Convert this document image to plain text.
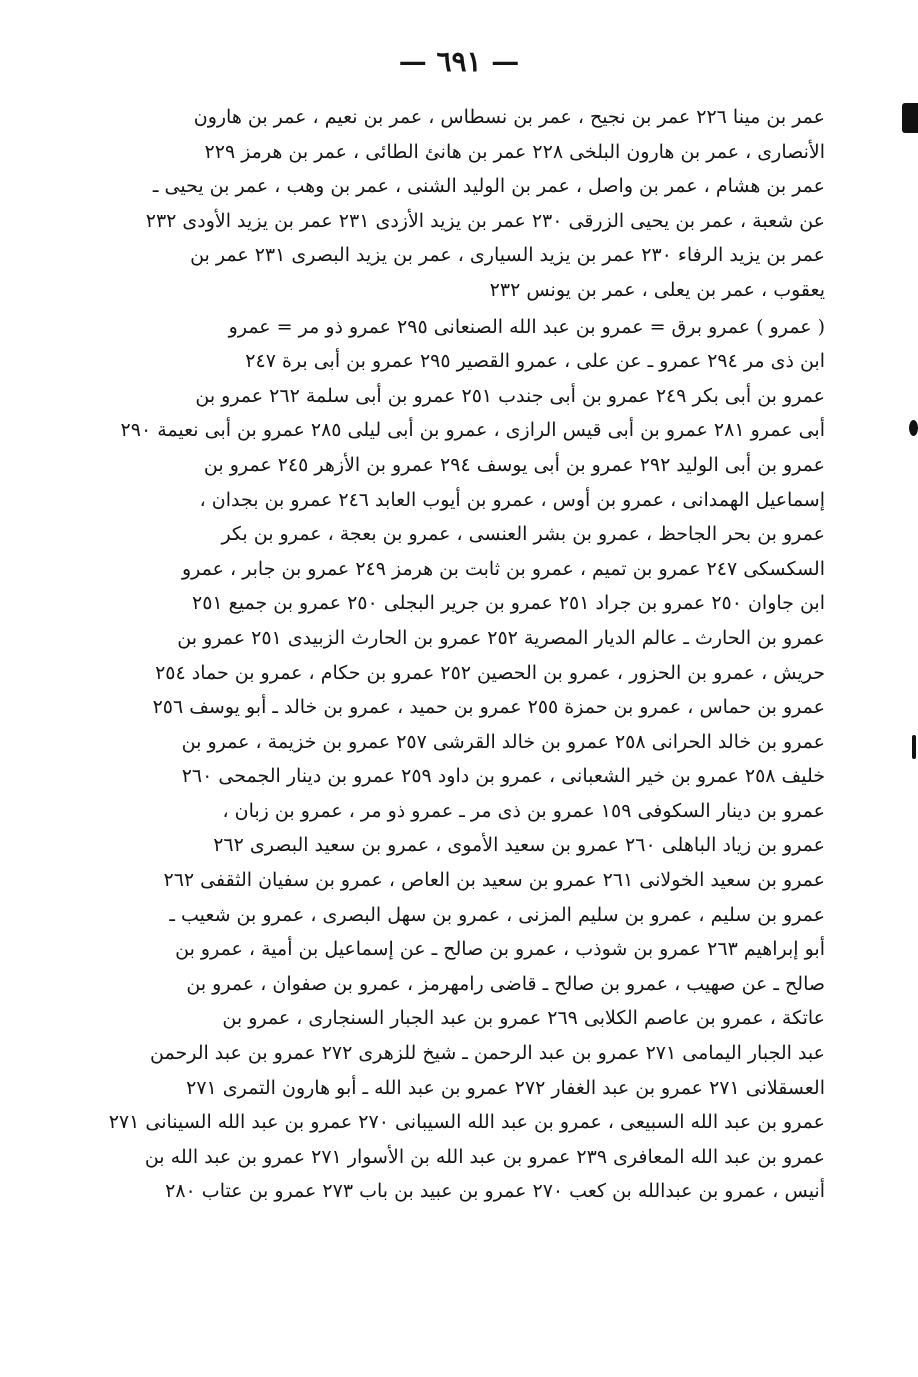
— ٦٩١ —
عمر بن مينا ٢٢٦ عمر بن نجيح ، عمر بن نسطاس ، عمر بن نعيم ، عمر بن هارون
الأنصارى ، عمر بن هارون البلخى ٢٢٨ عمر بن هانئ الطائى ، عمر بن هرمز ٢٢٩
عمر بن هشام ، عمر بن واصل ، عمر بن الوليد الشنى ، عمر بن وهب ، عمر بن يحيى ـ
عن شعبة ، عمر بن يحيى الزرقى ٢٣٠ عمر بن يزيد الأزدى ٢٣١ عمر بن يزيد الأودى ٢٣٢
عمر بن يزيد الرفاء ٢٣٠ عمر بن يزيد السيارى ، عمر بن يزيد البصرى ٢٣١ عمر بن
يعقوب ، عمر بن يعلى ، عمر بن يونس ٢٣٢
( عمرو ) عمرو برق = عمرو بن عبد الله الصنعانى ٢٩٥ عمرو ذو مر = عمرو
ابن ذى مر ٢٩٤ عمرو ـ عن على ، عمرو القصير ٢٩٥ عمرو بن أبى برة ٢٤٧
عمرو بن أبى بكر ٢٤٩ عمرو بن أبى جندب ٢٥١ عمرو بن أبى سلمة ٢٦٢ عمرو بن
أبى عمرو ٢٨١ عمرو بن أبى قيس الرازى ، عمرو بن أبى ليلى ٢٨٥ عمرو بن أبى نعيمة ٢٩٠
عمرو بن أبى الوليد ٢٩٢ عمرو بن أبى يوسف ٢٩٤ عمرو بن الأزهر ٢٤٥ عمرو بن
إسماعيل الهمدانى ، عمرو بن أوس ، عمرو بن أيوب العابد ٢٤٦ عمرو بن بجدان ،
عمرو بن بحر الجاحظ ، عمرو بن بشر العنسى ، عمرو بن بعجة ، عمرو بن بكر
السكسكى ٢٤٧ عمرو بن تميم ، عمرو بن ثابت بن هرمز ٢٤٩ عمرو بن جابر ، عمرو
ابن جاوان ٢٥٠ عمرو بن جراد ٢٥١ عمرو بن جرير البجلى ٢٥٠ عمرو بن جميع ٢٥١
عمرو بن الحارث ـ عالم الديار المصرية ٢٥٢ عمرو بن الحارث الزبيدى ٢٥١ عمرو بن
حريش ، عمرو بن الحزور ، عمرو بن الحصين ٢٥٢ عمرو بن حكام ، عمرو بن حماد ٢٥٤
عمرو بن حماس ، عمرو بن حمزة ٢٥٥ عمرو بن حميد ، عمرو بن خالد ـ أبو يوسف ٢٥٦
عمرو بن خالد الحرانى ٢٥٨ عمرو بن خالد القرشى ٢٥٧ عمرو بن خزيمة ، عمرو بن
خليف ٢٥٨ عمرو بن خير الشعبانى ، عمرو بن داود ٢٥٩ عمرو بن دينار الجمحى ٢٦٠
عمرو بن دينار السكوفى ١٥٩ عمرو بن ذى مر ـ عمرو ذو مر ، عمرو بن زبان ،
عمرو بن زياد الباهلى ٢٦٠ عمرو بن سعيد الأموى ، عمرو بن سعيد البصرى ٢٦٢
عمرو بن سعيد الخولانى ٢٦١ عمرو بن سعيد بن العاص ، عمرو بن سفيان الثقفى ٢٦٢
عمرو بن سليم ، عمرو بن سليم المزنى ، عمرو بن سهل البصرى ، عمرو بن شعيب ـ
أبو إبراهيم ٢٦٣ عمرو بن شوذب ، عمرو بن صالح ـ عن إسماعيل بن أمية ، عمرو بن
صالح ـ عن صهيب ، عمرو بن صالح ـ قاضى رامهرمز ، عمرو بن صفوان ، عمرو بن
عاتكة ، عمرو بن عاصم الكلابى ٢٦٩ عمرو بن عبد الجبار السنجارى ، عمرو بن
عبد الجبار اليمامى ٢٧١ عمرو بن عبد الرحمن ـ شيخ للزهرى ٢٧٢ عمرو بن عبد الرحمن
العسقلانى ٢٧١ عمرو بن عبد الغفار ٢٧٢ عمرو بن عبد الله ـ أبو هارون التمرى ٢٧١
عمرو بن عبد الله السبيعى ، عمرو بن عبد الله السيبانى ٢٧٠ عمرو بن عبد الله السينانى ٢٧١
عمرو بن عبد الله المعافرى ٢٣٩ عمرو بن عبد الله بن الأسوار ٢٧١ عمرو بن عبد الله بن
أنيس ، عمرو بن عبدالله بن كعب ٢٧٠ عمرو بن عبيد بن باب ٢٧٣ عمرو بن عتاب ٢٨٠
